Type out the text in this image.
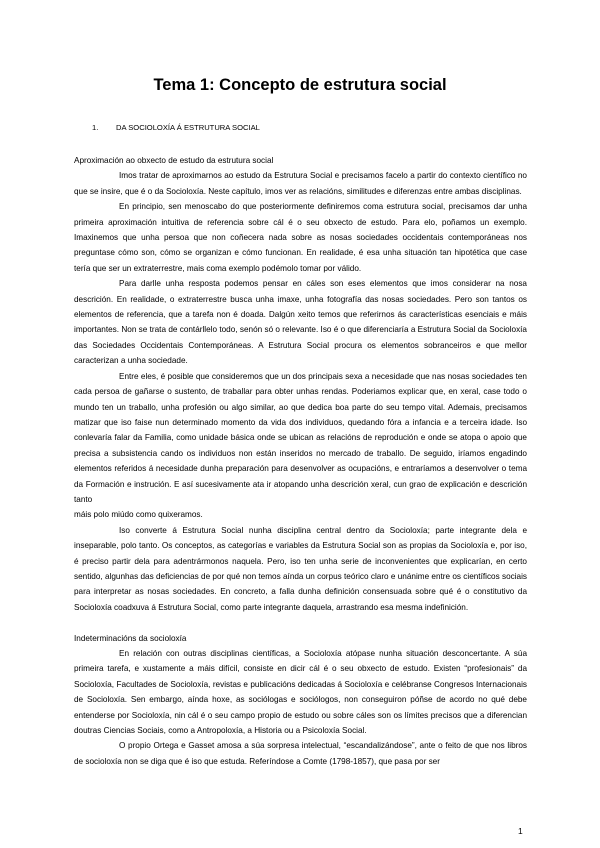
Tema 1: Concepto de estrutura social
1. DA SOCIOLOXÍA Á ESTRUTURA SOCIAL
Aproximación ao obxecto de estudo da estrutura social

Imos tratar de aproximarnos ao estudo da Estrutura Social e precisamos facelo a partir do contexto científico no que se insire, que é o da Socioloxía. Neste capítulo, imos ver as relacións, similitudes e diferenzas entre ambas disciplinas.

En principio, sen menoscabo do que posteriormente definiremos coma estrutura social, precisamos dar unha primeira aproximación intuitiva de referencia sobre cál é o seu obxecto de estudo. Para elo, poñamos un exemplo. Imaxinemos que unha persoa que non coñecera nada sobre as nosas sociedades occidentais contemporáneas nos preguntase cómo son, cómo se organizan e cómo funcionan. En realidade, é esa unha situación tan hipotética que case tería que ser un extraterrestre, mais coma exemplo podémolo tomar por válido.

Para darlle unha resposta podemos pensar en cáles son eses elementos que imos considerar na nosa descrición. En realidade, o extraterrestre busca unha imaxe, unha fotografía das nosas sociedades. Pero son tantos os elementos de referencia, que a tarefa non é doada. Dalgún xeito temos que referirnos ás características esenciais e máis importantes. Non se trata de contárllelo todo, senón só o relevante. Iso é o que diferenciaría a Estrutura Social da Socioloxía das Sociedades Occidentais Contemporáneas. A Estrutura Social procura os elementos sobranceiros e que mellor caracterizan a unha sociedade.

Entre eles, é posible que consideremos que un dos principais sexa a necesidade que nas nosas sociedades ten cada persoa de gañarse o sustento, de traballar para obter unhas rendas. Poderiamos explicar que, en xeral, case todo o mundo ten un traballo, unha profesión ou algo similar, ao que dedica boa parte do seu tempo vital. Ademais, precisamos matizar que iso faise nun determinado momento da vida dos individuos, quedando fóra a infancia e a terceira idade. Iso conlevaría falar da Familia, como unidade básica onde se ubican as relacións de reprodución e onde se atopa o apoio que precisa a subsistencia cando os individuos non están inseridos no mercado de traballo. De seguido, iríamos engadindo elementos referidos á necesidade dunha preparación para desenvolver as ocupacións, e entraríamos a desenvolver o tema da Formación e instrución. E así sucesivamente ata ir atopando unha descrición xeral, cun grao de explicación e descrición tanto

máis polo miúdo como quixeramos.

Iso converte á Estrutura Social nunha disciplina central dentro da Socioloxía; parte integrante dela e inseparable, polo tanto. Os conceptos, as categorías e variables da Estrutura Social son as propias da Socioloxía e, por iso, é preciso partir dela para adentrármonos naquela. Pero, iso ten unha serie de inconvenientes que explicarían, en certo sentido, algunhas das deficiencias de por qué non temos aínda un corpus teórico claro e unánime entre os científicos sociais para interpretar as nosas sociedades. En concreto, a falla dunha definición consensuada sobre qué é o constitutivo da Socioloxía coadxuva á Estrutura Social, como parte integrante daquela, arrastrando esa mesma indefinición.

Indeterminacións da socioloxía

En relación con outras disciplinas científicas, a Socioloxía atópase nunha situación desconcertante. A súa primeira tarefa, e xustamente a máis difícil, consiste en dicir cál é o seu obxecto de estudo. Existen “profesionais” da Socioloxía, Facultades de Socioloxía, revistas e publicacións dedicadas á Socioloxía e celébranse Congresos Internacionais de Socioloxía. Sen embargo, aínda hoxe, as sociólogas e sociólogos, non conseguiron póñse de acordo no qué debe entenderse por Socioloxía, nin cál é o seu campo propio de estudo ou sobre cáles son os límites precisos que a diferencian doutras Ciencias Sociais, como a Antropoloxía, a Historia ou a Psicoloxía Social.

O propio Ortega e Gasset amosa a súa sorpresa intelectual, “escandalizándose”, ante o feito de que nos libros de socioloxía non se diga que é iso que estuda. Referíndose a Comte (1798-1857), que pasa por ser

1
